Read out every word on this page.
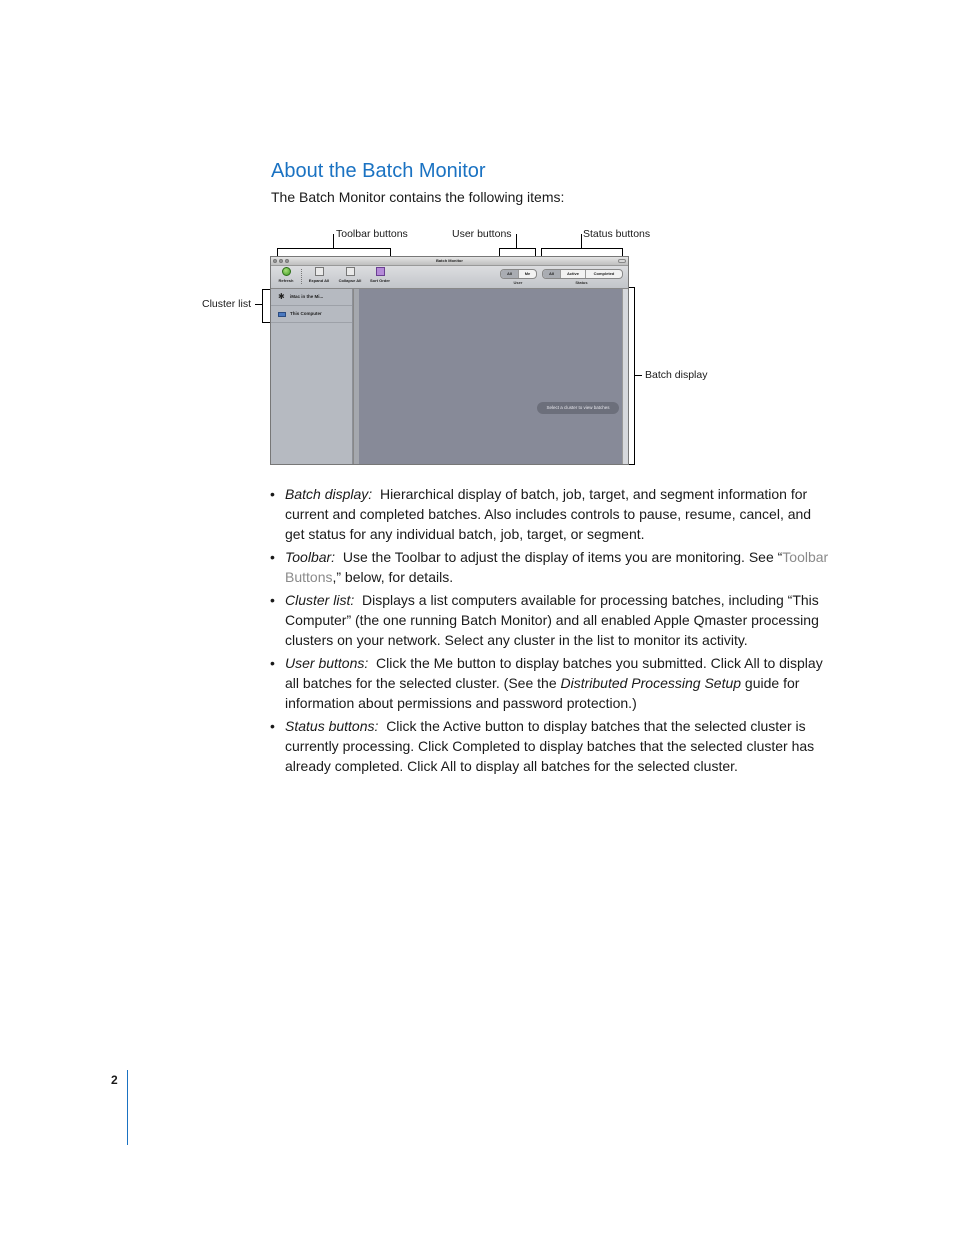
About the Batch Monitor

The Batch Monitor contains the following items:

Toolbar buttons	User buttons	Status buttons
Cluster list
Batch display
Batch Monitor
Refresh	Expand All	Collapse All	Sort Order
All	Me
User
All	Active	Completed
Status
✱ iMac in the Mi...
This Computer
Select a cluster to view batches
• Batch display: Hierarchical display of batch, job, target, and segment information for current and completed batches. Also includes controls to pause, resume, cancel, and get status for any individual batch, job, target, or segment.
• Toolbar: Use the Toolbar to adjust the display of items you are monitoring. See “Toolbar Buttons,” below, for details.
• Cluster list: Displays a list computers available for processing batches, including “This Computer” (the one running Batch Monitor) and all enabled Apple Qmaster processing clusters on your network. Select any cluster in the list to monitor its activity.
• User buttons: Click the Me button to display batches you submitted. Click All to display all batches for the selected cluster. (See the Distributed Processing Setup guide for information about permissions and password protection.)
• Status buttons: Click the Active button to display batches that the selected cluster is currently processing. Click Completed to display batches that the selected cluster has already completed. Click All to display all batches for the selected cluster.
2
